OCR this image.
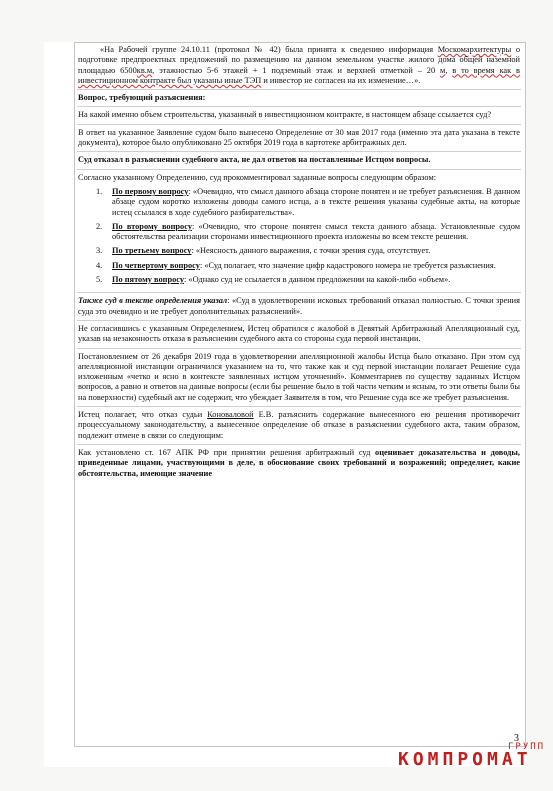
«На Рабочей группе 24.10.11 (протокол № 42) была принята к сведению информация Москомархитектуры о подготовке предпроектных предложений по размещению на данном земельном участке жилого дома общей наземной площадью 6500кв.м, этажностью 5-6 этажей + 1 подземный этаж и верхней отметкой – 20 м, в то время как в инвестиционном контракте был указаны иные ТЭП и инвестор не согласен на их изменение…».

Вопрос, требующий разъяснения:

На какой именно объем строительства, указанный в инвестиционном контракте, в настоящем абзаце ссылается суд?

В ответ на указанное Заявление судом было вынесено Определение от 30 мая 2017 года (именно эта дата указана в тексте документа), которое было опубликовано 25 октября 2019 года в картотеке арбитражных дел.

Суд отказал в разъяснении судебного акта, не дал ответов на поставленные Истцом вопросы.

Согласно указанному Определению, суд прокомментировал заданные вопросы следующим образом:

1. По первому вопросу: «Очевидно, что смысл данного абзаца стороне понятен и не требует разъяснения. В данном абзаце судом коротко изложены доводы самого истца, а в тексте решения указаны судебные акты, на которые истец ссылался в ходе судебного разбирательства».
2. По второму вопросу: «Очевидно, что стороне понятен смысл текста данного абзаца. Установленные судом обстоятельства реализации сторонами инвестиционного проекта изложены во всем тексте решения.
3. По третьему вопросу: «Неясность данного выражения, с точки зрения суда, отсутствует.
4. По четвертому вопросу: «Суд полагает, что значение цифр кадастрового номера не требуется разъяснения.
5. По пятому вопросу: «Однако суд не ссылается в данном предложении на какой-либо «объем».

Также суд в тексте определения указал: «Суд в удовлетворении исковых требований отказал полностью. С точки зрения суда это очевидно и не требует дополнительных разъяснений».

Не согласившись с указанным Определением, Истец обратился с жалобой в Девятый Арбитражный Апелляционный суд, указав на незаконность отказа в разъяснении судебного акта со стороны суда первой инстанции.

Постановлением от 26 декабря 2019 года в удовлетворении апелляционной жалобы Истца было отказано. При этом суд апелляционной инстанции ограничился указанием на то, что также как и суд первой инстанции полагает Решение суда изложенным «четко и ясно в контексте заявленных истцом уточнений». Комментариев по существу заданных Истцом вопросов, а равно и ответов на данные вопросы (если бы решение было в той части четким и ясным, то эти ответы были бы на поверхности) судебный акт не содержит, что убеждает Заявителя в том, что Решение суда все же требует разъяснения.

Истец полагает, что отказ судьи Коноваловой Е.В. разъяснить содержание вынесенного ею решения противоречит процессуальному законодательству, а вынесенное определение об отказе в разъяснении судебного акта, таким образом, подлежит отмене в связи со следующим:

Как установлено ст. 167 АПК РФ при принятии решения арбитражный суд оценивает доказательства и доводы, приведенные лицами, участвующими в деле, в обоснование своих требований и возражений; определяет, какие обстоятельства, имеющие значение

3
ГРУПП
КОМПРОМАТ
